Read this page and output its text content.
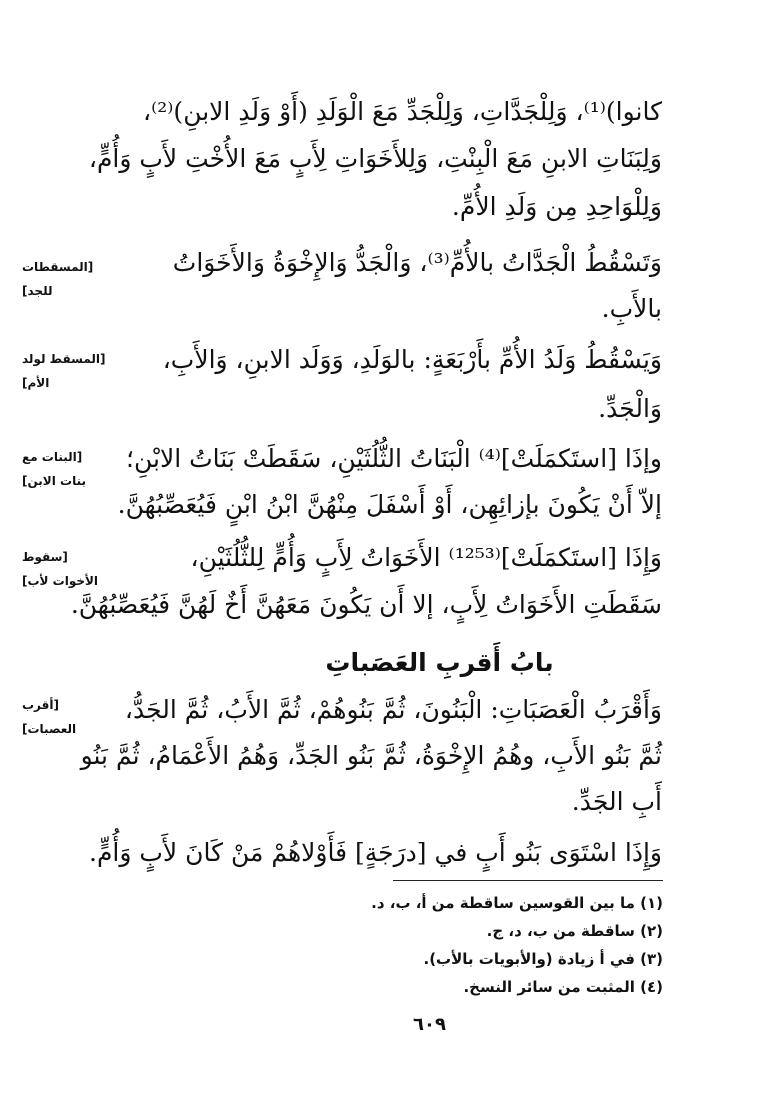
كانوا)⁽¹⁾، وَلِلْجَدَّاتِ، وَلِلْجَدِّ مَعَ الْوَلَدِ (أَوْ وَلَدِ الابنِ)⁽²⁾،
وَلِبَنَاتِ الابنِ مَعَ الْبِنْتِ، وَلِلأَخَوَاتِ لِأَبٍ مَعَ الأُخْتِ لأَبٍ وَأُمٍّ،
وَلِلْوَاحِدِ مِن وَلَدِ الأُمِّ.
وَتَسْقُطُ الْجَدَّاتُ بالأُمِّ⁽³⁾، وَالْجَدُّ وَالإِخْوَةُ وَالأَخَوَاتُ
بالأَبِ.
[المسقطات
للجد]
وَيَسْقُطُ وَلَدُ الأُمِّ بأَرْبَعَةٍ: بالوَلَدِ، وَوَلَد الابنِ، وَالأَبِ،
وَالْجَدِّ.
[المسقط لولد
الأم]
وإذَا [استَكمَلَتْ]⁽⁴⁾ الْبَنَاتُ الثُّلُثَيْنِ، سَقَطَتْ بَنَاتُ الابْنِ؛
إلاّ أَنْ يَكُونَ بإزائِهِن، أَوْ أَسْفَلَ مِنْهُنَّ ابْنُ ابْنٍ فَيُعَصِّبُهُنَّ.
[البنات مع
بنات الابن]
وَإِذَا [استَكمَلَتْ]⁽¹²⁵³⁾ الأَخَوَاتُ لِأَبٍ وَأُمٍّ لِلثُّلُثَيْنِ،
سَقَطَتِ الأَخَوَاتُ لِأَبٍ، إلا أَن يَكُونَ مَعَهُنَّ أَخٌ لَهُنَّ فَيُعَصِّبُهُنَّ.
[سقوط
الأخوات لأب]
بابُ أَقربِ العَصَباتِ
وَأَقْرَبُ الْعَصَبَاتِ: الْبَنُونَ، ثُمَّ بَنُوهُمْ، ثُمَّ الأَبُ، ثُمَّ الجَدُّ،
ثُمَّ بَنُو الأَبِ، وهُمُ الإِخْوَةُ، ثُمَّ بَنُو الجَدِّ، وَهُمُ الأَعْمَامُ، ثُمَّ بَنُو
أَبِ الجَدِّ.
[أقرب
العصبات]
وَإِذَا اسْتَوَى بَنُو أَبٍ في [درَجَةٍ] فَأَوْلاهُمْ مَنْ كَانَ لأَبٍ وَأُمٍّ.
(١) ما بين القوسين ساقطة من أ، ب، د.
(٢) ساقطة من ب، د، ج.
(٣) في أ زيادة (والأبويات بالأب).
(٤) المثبت من سائر النسخ.
٦٠٩
